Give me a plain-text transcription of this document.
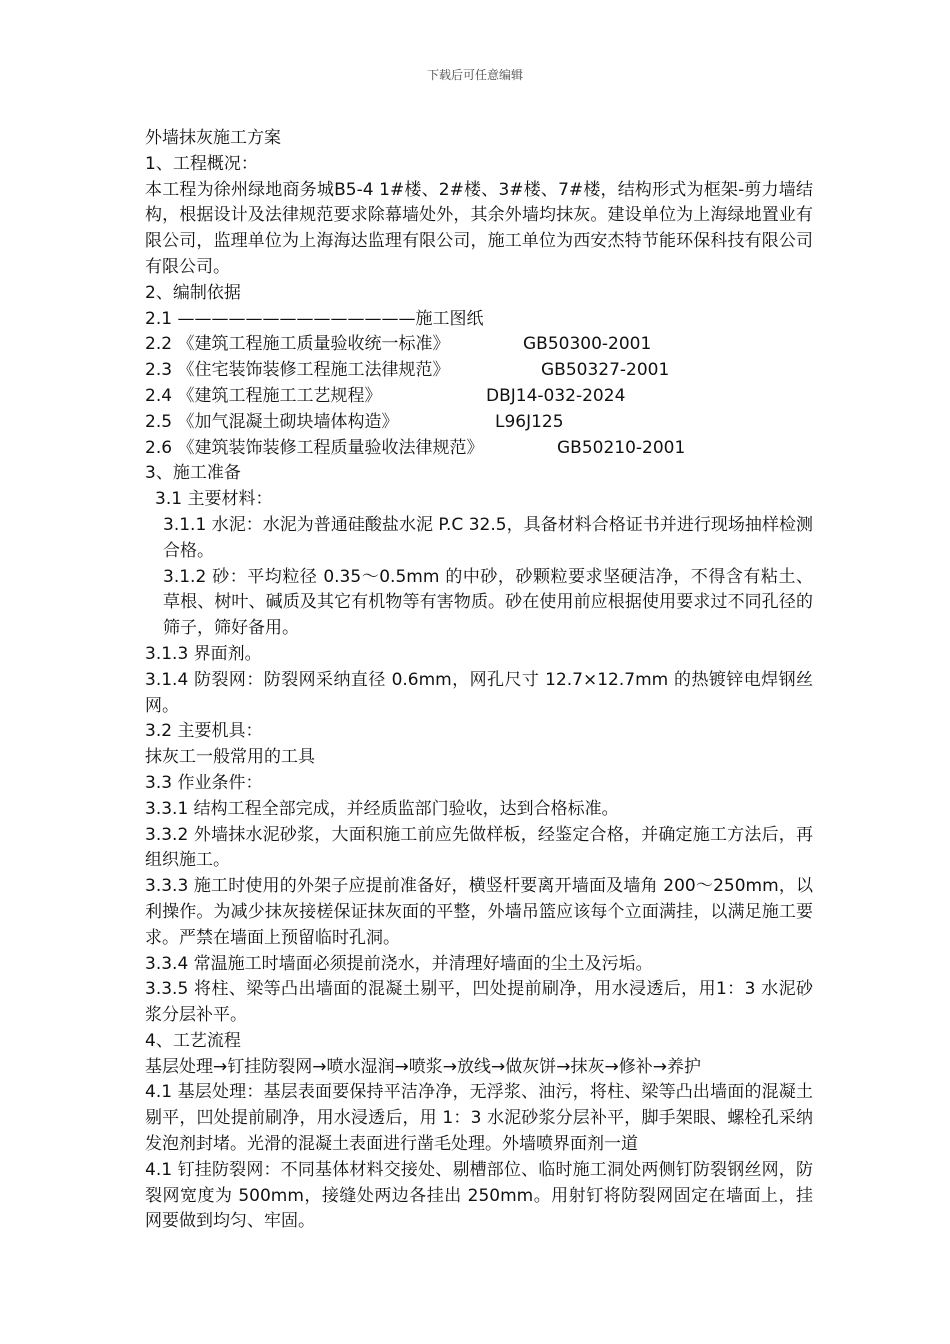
下载后可任意编辑
外墙抹灰施工方案
1、工程概况：
本工程为徐州绿地商务城B5-4 1#楼、2#楼、3#楼、7#楼，结构形式为框架-剪力墙结构，根据设计及法律规范要求除幕墙处外，其余外墙均抹灰。建设单位为上海绿地置业有限公司，监理单位为上海海达监理有限公司，施工单位为西安杰特节能环保科技有限公司有限公司。
2、编制依据
2.1 ——————————————施工图纸
2.2 《建筑工程施工质量验收统一标准》	GB50300-2001
2.3 《住宅装饰装修工程施工法律规范》	GB50327-2001
2.4 《建筑工程施工工艺规程》	DBJ14-032-2024
2.5 《加气混凝土砌块墙体构造》	L96J125
2.6 《建筑装饰装修工程质量验收法律规范》	GB50210-2001
3、施工准备
3.1 主要材料：
3.1.1 水泥：水泥为普通硅酸盐水泥 P.C 32.5，具备材料合格证书并进行现场抽样检测合格。
3.1.2 砂：平均粒径 0.35～0.5mm 的中砂，砂颗粒要求坚硬洁净，不得含有粘土、草根、树叶、碱质及其它有机物等有害物质。砂在使用前应根据使用要求过不同孔径的筛子，筛好备用。
3.1.3 界面剂。
3.1.4 防裂网：防裂网采纳直径 0.6mm，网孔尺寸 12.7×12.7mm 的热镀锌电焊钢丝网。
3.2 主要机具：
抹灰工一般常用的工具
3.3 作业条件：
3.3.1 结构工程全部完成，并经质监部门验收，达到合格标准。
3.3.2 外墙抹水泥砂浆，大面积施工前应先做样板，经鉴定合格，并确定施工方法后，再组织施工。
3.3.3 施工时使用的外架子应提前准备好，横竖杆要离开墙面及墙角 200～250mm，以利操作。为减少抹灰接槎保证抹灰面的平整，外墙吊篮应该每个立面满挂，以满足施工要求。严禁在墙面上预留临时孔洞。
3.3.4 常温施工时墙面必须提前浇水，并清理好墙面的尘土及污垢。
3.3.5 将柱、梁等凸出墙面的混凝土剔平，凹处提前刷净，用水浸透后，用1：3 水泥砂浆分层补平。
4、工艺流程
基层处理→钉挂防裂网→喷水湿润→喷浆→放线→做灰饼→抹灰→修补→养护
4.1 基层处理：基层表面要保持平洁净净，无浮浆、油污，将柱、梁等凸出墙面的混凝土剔平，凹处提前刷净，用水浸透后，用 1：3 水泥砂浆分层补平，脚手架眼、螺栓孔采纳发泡剂封堵。光滑的混凝土表面进行凿毛处理。外墙喷界面剂一道
4.1 钉挂防裂网：不同基体材料交接处、剔槽部位、临时施工洞处两侧钉防裂钢丝网，防裂网宽度为 500mm，接缝处两边各挂出 250mm。用射钉将防裂网固定在墙面上，挂网要做到均匀、牢固。
